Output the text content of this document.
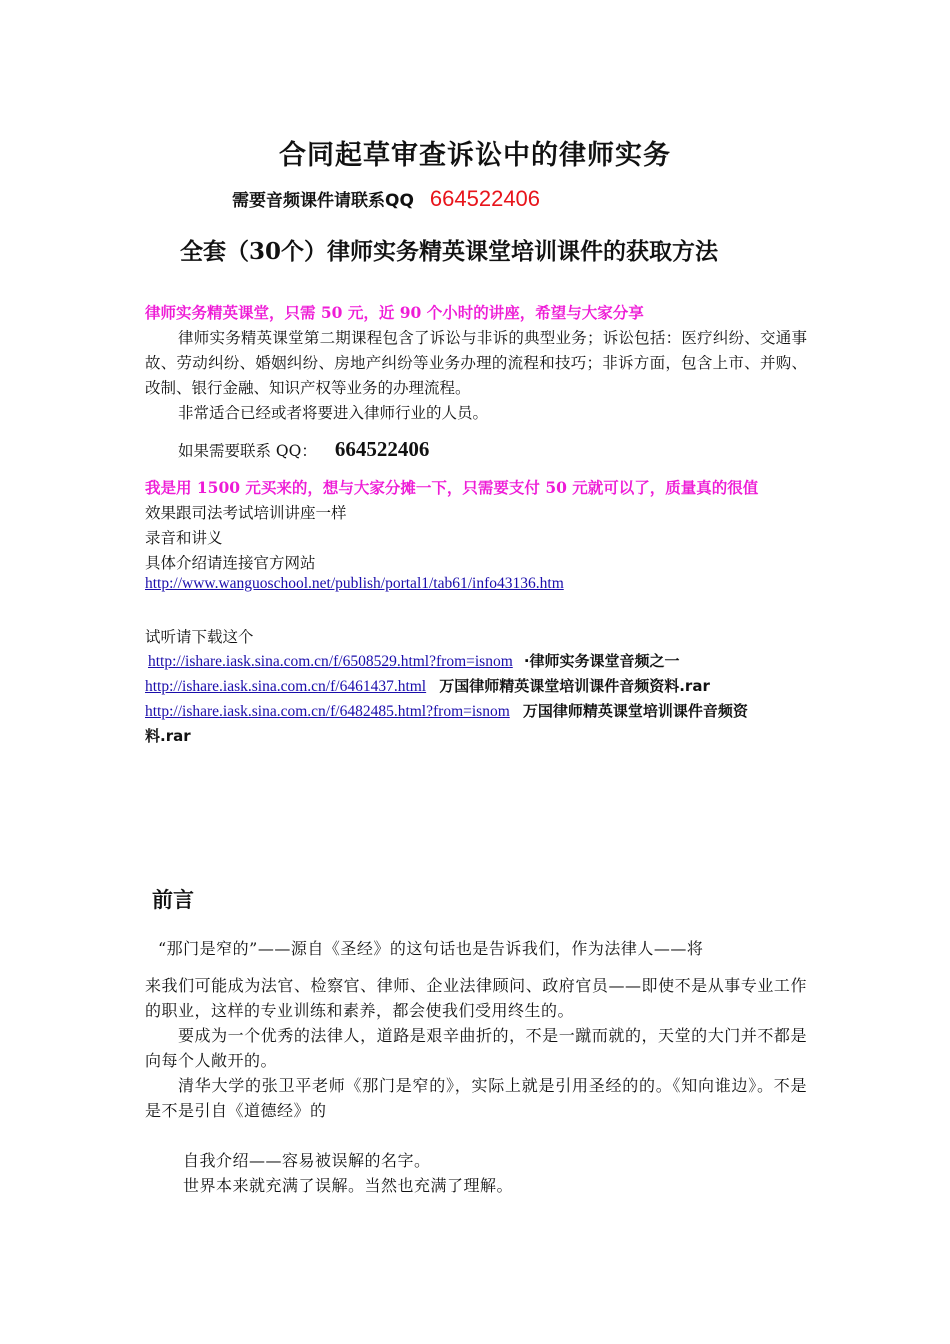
合同起草审查诉讼中的律师实务
需要音频课件请联系QQ 664522406
全套（30个）律师实务精英课堂培训课件的获取方法
律师实务精英课堂，只需 50 元，近 90 个小时的讲座，希望与大家分享
律师实务精英课堂第二期课程包含了诉讼与非诉的典型业务；诉讼包括：医疗纠纷、交通事故、劳动纠纷、婚姻纠纷、房地产纠纷等业务办理的流程和技巧；非诉方面，包含上市、并购、改制、银行金融、知识产权等业务的办理流程。
非常适合已经或者将要进入律师行业的人员。
如果需要联系 QQ： 664522406
我是用 1500 元买来的，想与大家分摊一下，只需要支付 50 元就可以了，质量真的很值
效果跟司法考试培训讲座一样
录音和讲义
具体介绍请连接官方网站
http://www.wanguoschool.net/publish/portal1/tab61/info43136.htm
试听请下载这个
http://ishare.iask.sina.com.cn/f/6508529.html?from=isnom ·律师实务课堂音频之一
http://ishare.iask.sina.com.cn/f/6461437.html 万国律师精英课堂培训课件音频资料.rar
http://ishare.iask.sina.com.cn/f/6482485.html?from=isnom 万国律师精英课堂培训课件音频资
料.rar
前言
“那门是窄的”——源自《圣经》的这句话也是告诉我们，作为法律人——将
来我们可能成为法官、检察官、律师、企业法律顾问、政府官员——即使不是从事专业工作的职业，这样的专业训练和素养，都会使我们受用终生的。
要成为一个优秀的法律人，道路是艰辛曲折的，不是一蹴而就的，天堂的大门并不都是向每个人敞开的。
清华大学的张卫平老师《那门是窄的》，实际上就是引用圣经的的。《知向谁边》。不是是不是引自《道德经》的
自我介绍——容易被误解的名字。
世界本来就充满了误解。当然也充满了理解。
